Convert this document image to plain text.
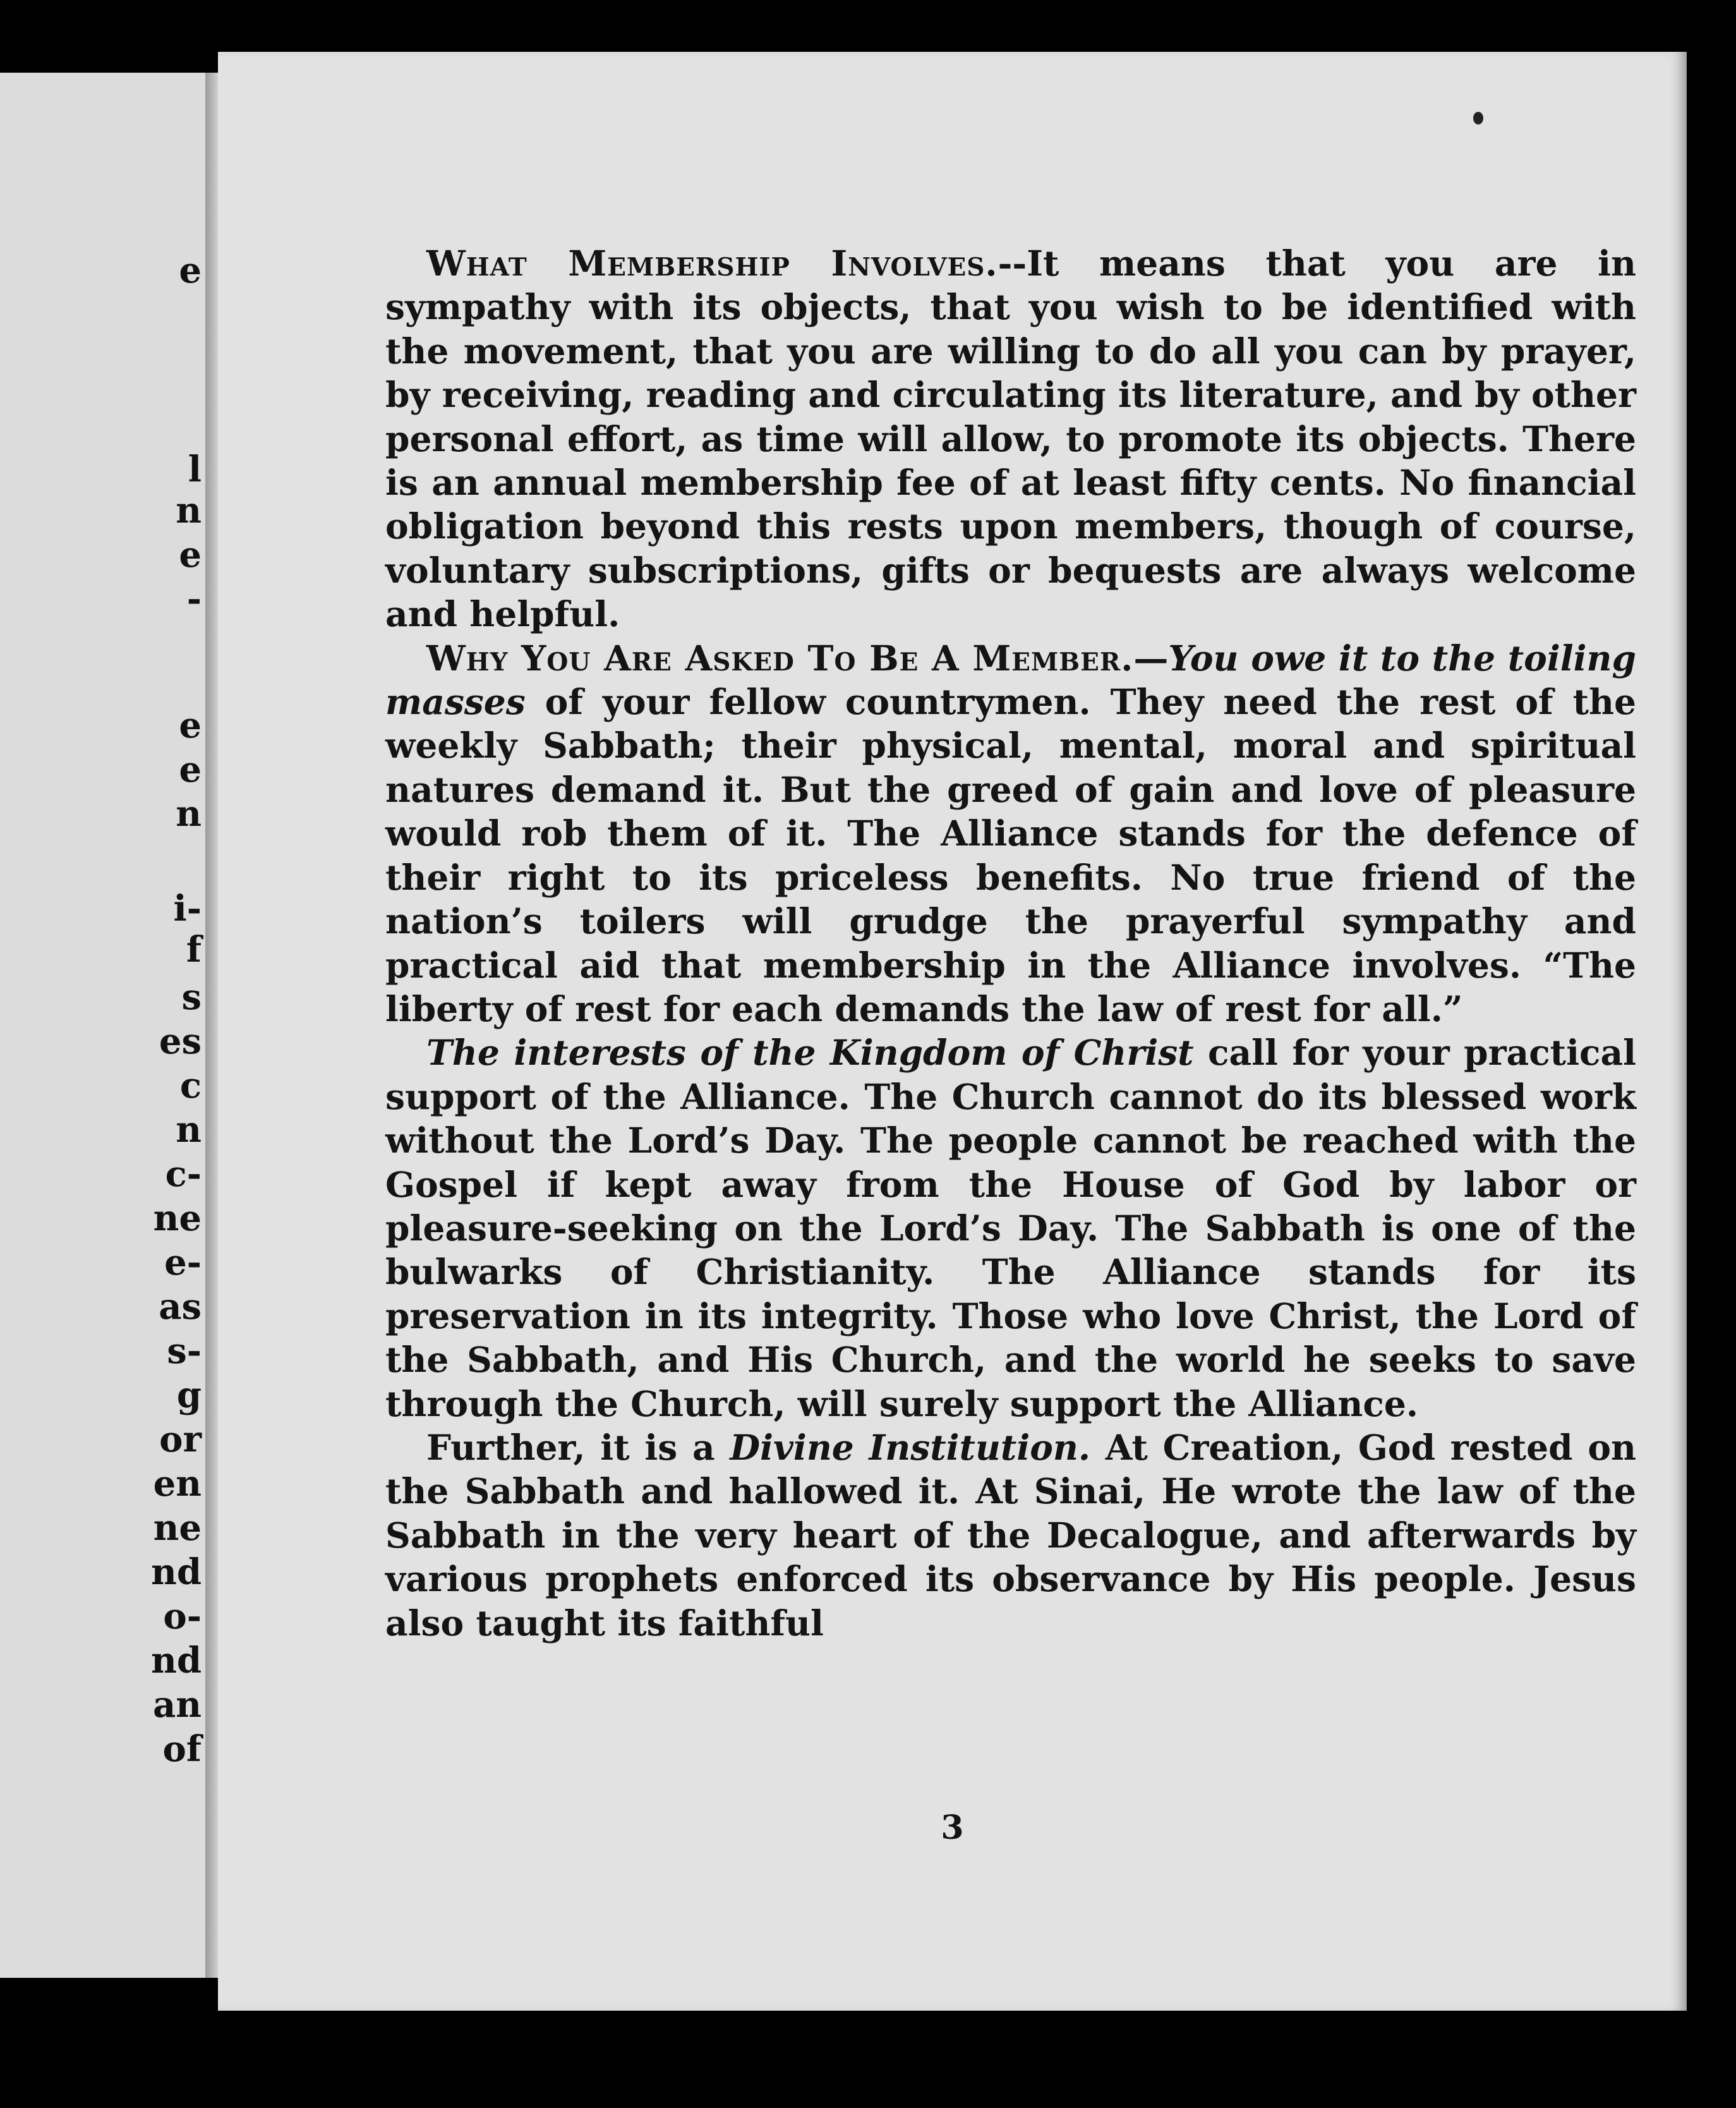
e
l
n
e
-
e
e
n
i-
f
s
es
c
n
c-
ne
e-
as
s-
g
or
en
ne
nd
o-
nd
an
of

What Membership Involves.--It means that you are in sympathy with its objects, that you wish to be identified with the movement, that you are willing to do all you can by prayer, by receiving, reading and circulating its literature, and by other personal effort, as time will allow, to promote its objects. There is an annual membership fee of at least fifty cents. No financial obligation beyond this rests upon members, though of course, voluntary subscriptions, gifts or bequests are always welcome and helpful.

Why You Are Asked To Be A Member.—You owe it to the toiling masses of your fellow countrymen. They need the rest of the weekly Sabbath; their physical, mental, moral and spiritual natures demand it. But the greed of gain and love of pleasure would rob them of it. The Alliance stands for the defence of their right to its priceless benefits. No true friend of the nation’s toilers will grudge the prayerful sympathy and practical aid that membership in the Alliance involves. “The liberty of rest for each demands the law of rest for all.”

The interests of the Kingdom of Christ call for your practical support of the Alliance. The Church cannot do its blessed work without the Lord’s Day. The people cannot be reached with the Gospel if kept away from the House of God by labor or pleasure-seeking on the Lord’s Day. The Sabbath is one of the bulwarks of Christianity. The Alliance stands for its preservation in its integrity. Those who love Christ, the Lord of the Sabbath, and His Church, and the world he seeks to save through the Church, will surely support the Alliance.

Further, it is a Divine Institution. At Creation, God rested on the Sabbath and hallowed it. At Sinai, He wrote the law of the Sabbath in the very heart of the Decalogue, and afterwards by various prophets enforced its observance by His people. Jesus also taught its faithful

3
